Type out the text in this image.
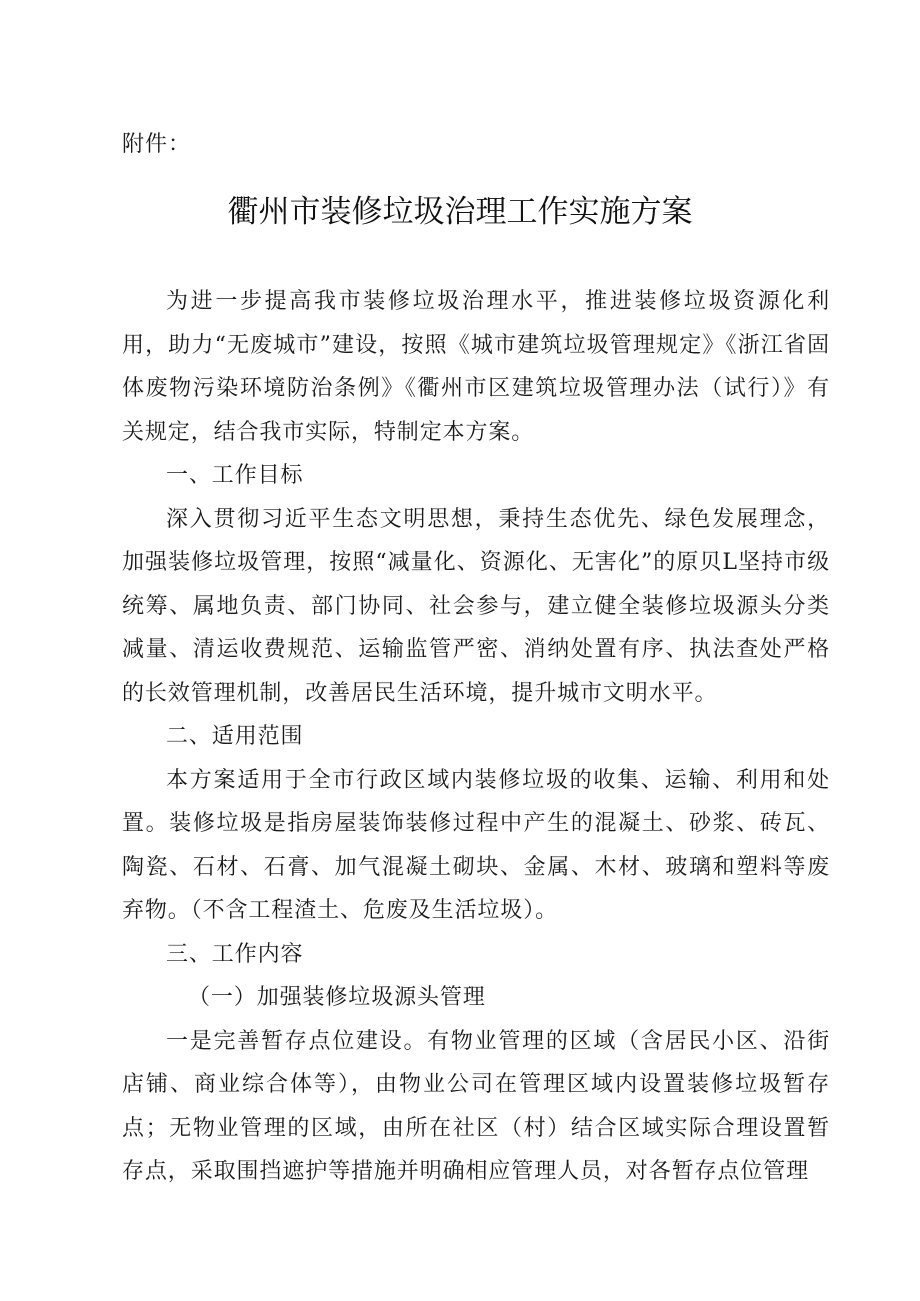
附件：
衢州市装修垃圾治理工作实施方案

为进一步提高我市装修垃圾治理水平，推进装修垃圾资源化利用，助力“无废城市”建设，按照《城市建筑垃圾管理规定》《浙江省固体废物污染环境防治条例》《衢州市区建筑垃圾管理办法（试行）》有关规定，结合我市实际，特制定本方案。

一、工作目标

深入贯彻习近平生态文明思想，秉持生态优先、绿色发展理念，加强装修垃圾管理，按照“减量化、资源化、无害化”的原贝L坚持市级统筹、属地负责、部门协同、社会参与，建立健全装修垃圾源头分类减量、清运收费规范、运输监管严密、消纳处置有序、执法查处严格的长效管理机制，改善居民生活环境，提升城市文明水平。

二、适用范围

本方案适用于全市行政区域内装修垃圾的收集、运输、利用和处置。装修垃圾是指房屋装饰装修过程中产生的混凝土、砂浆、砖瓦、陶瓷、石材、石膏、加气混凝土砌块、金属、木材、玻璃和塑料等废弃物。（不含工程渣土、危废及生活垃圾）。

三、工作内容

（一）加强装修垃圾源头管理

一是完善暂存点位建设。有物业管理的区域（含居民小区、沿街店铺、商业综合体等），由物业公司在管理区域内设置装修垃圾暂存点；无物业管理的区域，由所在社区（村）结合区域实际合理设置暂存点，采取围挡遮护等措施并明确相应管理人员，对各暂存点位管理
